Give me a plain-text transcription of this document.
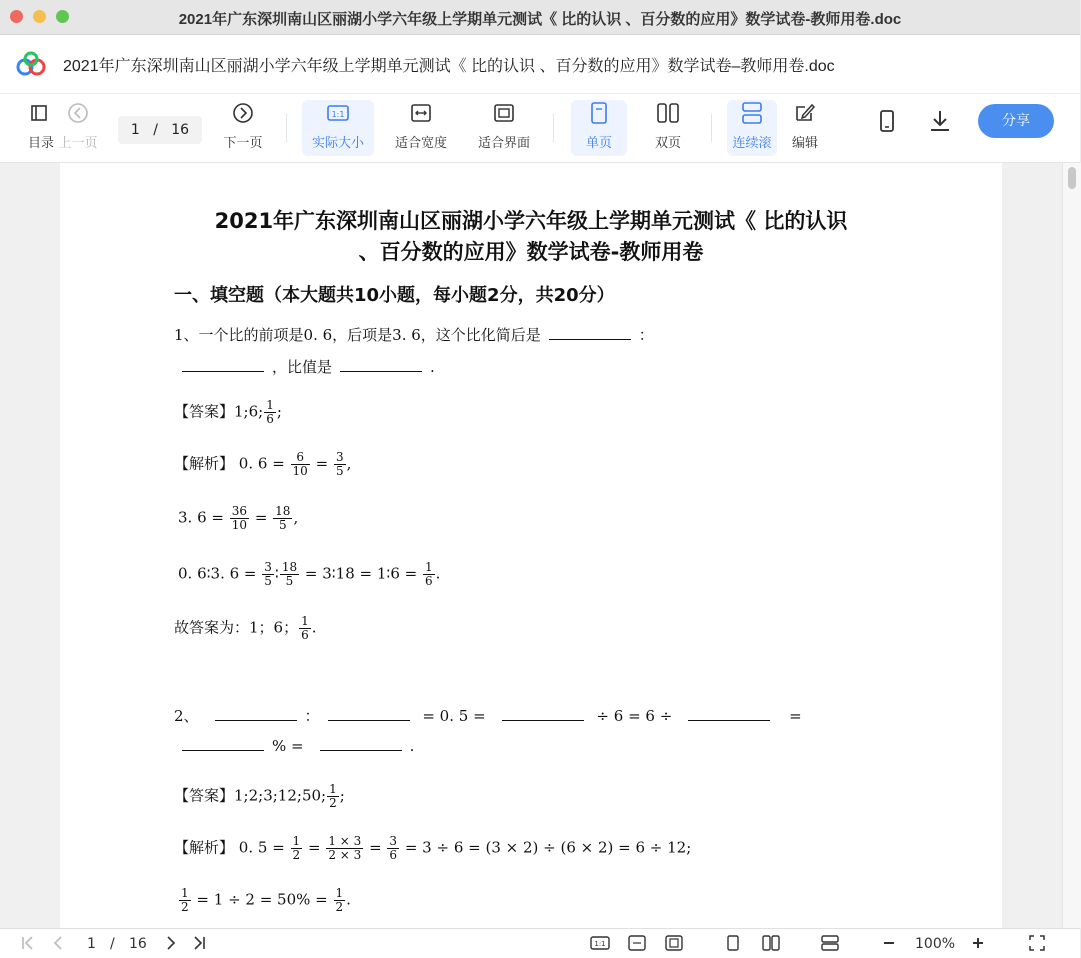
2021年广东深圳南山区丽湖小学六年级上学期单元测试《 比的认识 、百分数的应用》数学试卷-教师用卷.doc
2021年广东深圳南山区丽湖小学六年级上学期单元测试《 比的认识 、百分数的应用》数学试卷–教师用卷.doc
目录 上一页
1 / 16
下一页
1:1
实际大小	适合宽度	适合界面	单页	双页	连续滚	编辑
分享
2021年广东深圳南山区丽湖小学六年级上学期单元测试《 比的认识
、百分数的应用》数学试卷-教师用卷
一、填空题（本大题共10小题，每小题2分，共20分）
1、一个比的前项是0. 6，后项是3. 6，这个比化简后是	：
，比值是	.
【答案】1;6; $\frac{1}{6}$ ;
【解析】 0. $6 = \frac{6}{10} = \frac{3}{5}$ ,
3. $6 = \frac{36}{10} = \frac{18}{5}$ ,
0. 6∶3. $6 = \frac{3}{5}$ ∶ $\frac{18}{5}$ = 3∶18 = 1∶6 = $\frac{1}{6}$ .
故答案为：1；6； $\frac{1}{6}$ .
2、	：	= 0. 5 =	÷ 6 = 6 ÷	=
% =	.
【答案】1;2;3;12;50; $\frac{1}{2}$ ;
【解析】 0. $5 = \frac{1}{2} = \frac{1 \times 3}{2 \times 3} = \frac{3}{6} = 3 \div 6 = (3 \times 2) \div (6 \times 2) = 6 \div 12$;
$\frac{1}{2} = 1 \div 2 = 50\% = \frac{1}{2}$ .
1 / 16	1:1	100%
